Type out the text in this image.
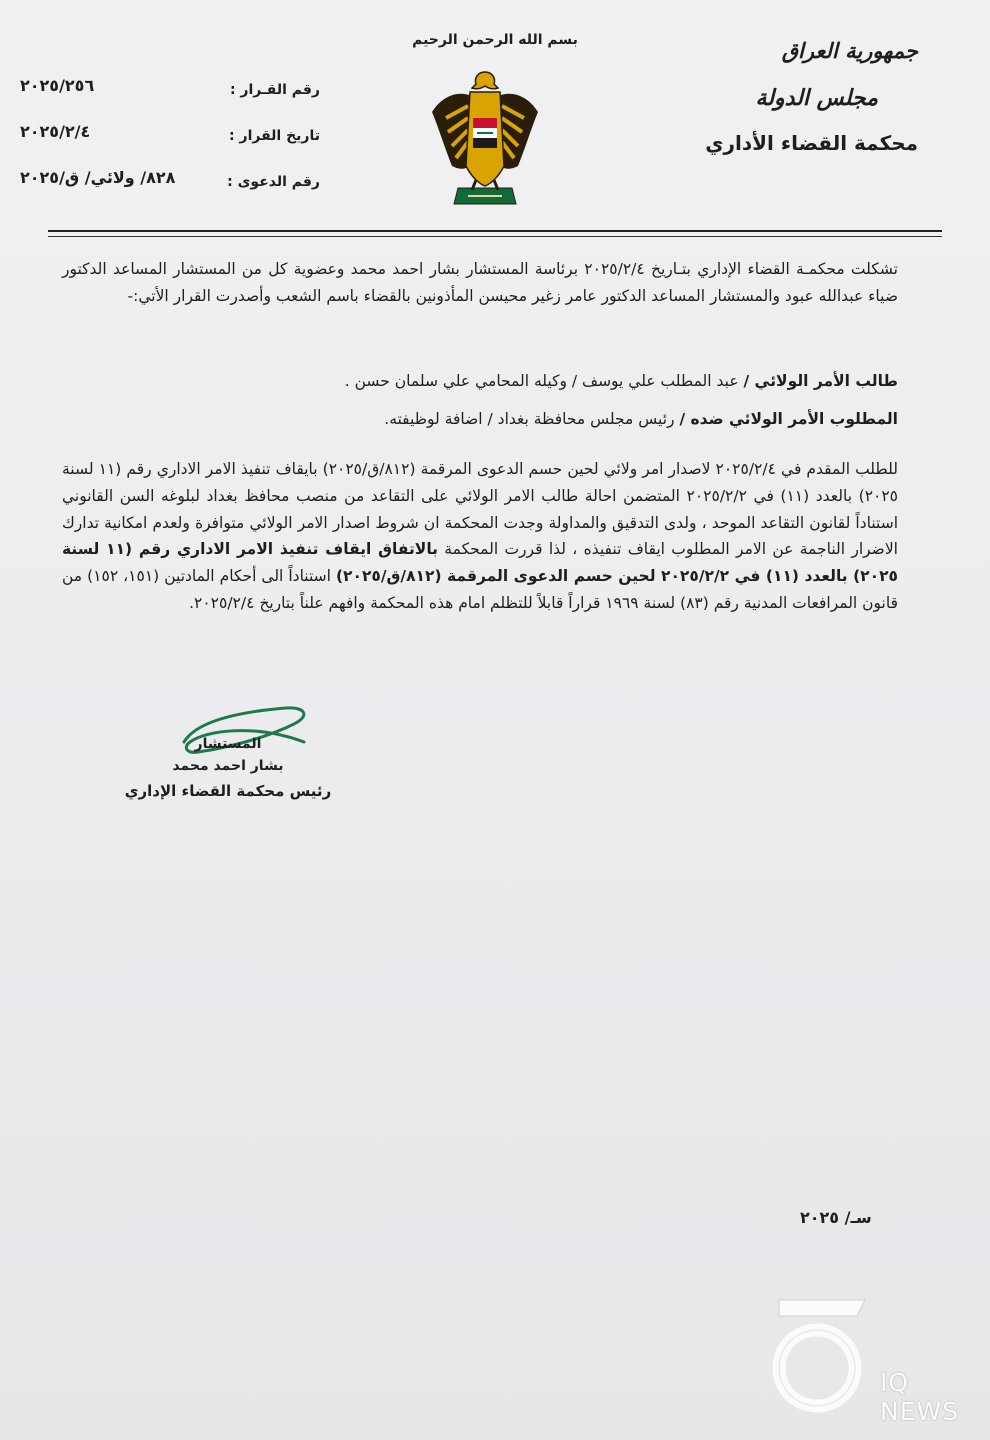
بسم الله الرحمن الرحيم	جمهورية العراق
مجلس الدولة
محكمة القضاء الأداري
رقم القـرار :
٢٠٢٥/٢٥٦
تاريخ القرار :
٢٠٢٥/٢/٤
رقم الدعوى :
٨٢٨/ ولائي/ ق/٢٠٢٥

تشكلت محكمـة القضاء الإداري بتـاريخ ٢٠٢٥/٢/٤ برئاسة المستشار بشار احمد محمد وعضوية كل من المستشار المساعد الدكتور ضياء عبدالله عبود والمستشار المساعد الدكتور عامر زغير محيسن المأذونين بالقضاء باسم الشعب وأصدرت القرار الأتي:-

طالب الأمر الولائي / عبد المطلب علي يوسف / وكيله المحامي علي سلمان حسن .
المطلوب الأمر الولائي ضده / رئيس مجلس محافظة بغداد / اضافة لوظيفته.

للطلب المقدم في ٢٠٢٥/٢/٤ لاصدار امر ولائي لحين حسم الدعوى المرقمة (٨١٢/ق/٢٠٢٥) بايقاف تنفيذ الامر الاداري رقم (١١ لسنة ٢٠٢٥) بالعدد (١١) في ٢٠٢٥/٢/٢ المتضمن احالة طالب الامر الولائي على التقاعد من منصب محافظ بغداد لبلوغه السن القانوني استناداً لقانون التقاعد الموحد ، ولدى التدقيق والمداولة وجدت المحكمة ان شروط اصدار الامر الولائي متوافرة ولعدم امكانية تدارك الاضرار الناجمة عن الامر المطلوب ايقاف تنفيذه ، لذا قررت المحكمة بالاتفاق ايقاف تنفيذ الامر الاداري رقم (١١ لسنة ٢٠٢٥) بالعدد (١١) في ٢٠٢٥/٢/٢ لحين حسم الدعوى المرقمة (٨١٢/ق/٢٠٢٥) استناداً الى أحكام المادتين (١٥١، ١٥٢) من قانون المرافعات المدنية رقم (٨٣) لسنة ١٩٦٩ قراراً قابلاً للتظلم امام هذه المحكمة وافهم علناً بتاريخ ٢٠٢٥/٢/٤.

المستشار
بشار احمد محمد
رئيس محكمة القضاء الإداري
سـ/ ٢٠٢٥
IQ NEWS
